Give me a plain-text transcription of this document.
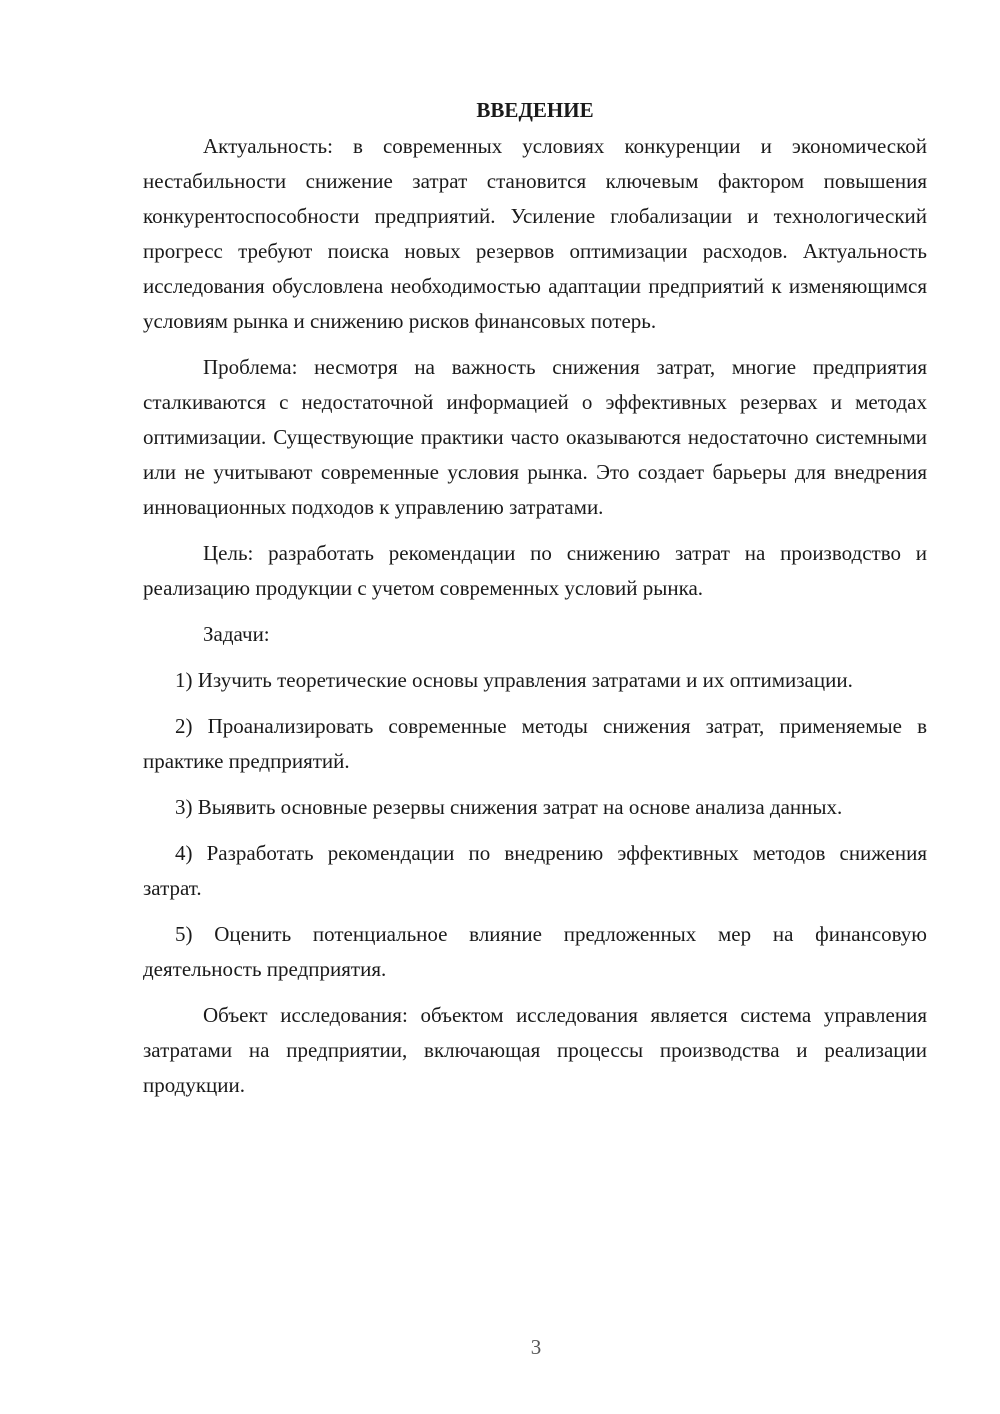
ВВЕДЕНИЕ

Актуальность: в современных условиях конкуренции и экономической нестабильности снижение затрат становится ключевым фактором повышения конкурентоспособности предприятий. Усиление глобализации и технологический прогресс требуют поиска новых резервов оптимизации расходов. Актуальность исследования обусловлена необходимостью адаптации предприятий к изменяющимся условиям рынка и снижению рисков финансовых потерь.

Проблема: несмотря на важность снижения затрат, многие предприятия сталкиваются с недостаточной информацией о эффективных резервах и методах оптимизации. Существующие практики часто оказываются недостаточно системными или не учитывают современные условия рынка. Это создает барьеры для внедрения инновационных подходов к управлению затратами.

Цель: разработать рекомендации по снижению затрат на производство и реализацию продукции с учетом современных условий рынка.

Задачи:

1) Изучить теоретические основы управления затратами и их оптимизации.

2) Проанализировать современные методы снижения затрат, применяемые в практике предприятий.

3) Выявить основные резервы снижения затрат на основе анализа данных.

4) Разработать рекомендации по внедрению эффективных методов снижения затрат.

5) Оценить потенциальное влияние предложенных мер на финансовую деятельность предприятия.

Объект исследования: объектом исследования является система управления затратами на предприятии, включающая процессы производства и реализации продукции.

3
